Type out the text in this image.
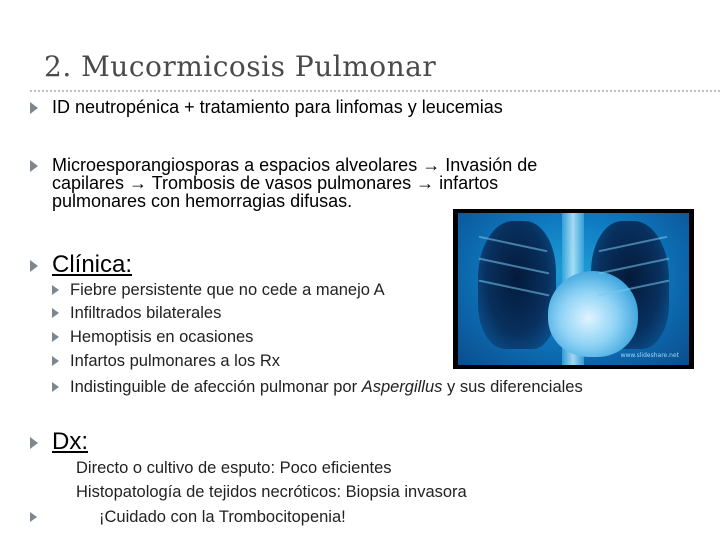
2. Mucormicosis Pulmonar
ID neutropénica + tratamiento para linfomas y leucemias
Microesporangiosporas a espacios alveolares → Invasión de
capilares → Trombosis de vasos pulmonares → infartos
pulmonares con hemorragias difusas.
Clínica:
Fiebre persistente que no cede a manejo A
Infiltrados bilaterales
Hemoptisis en ocasiones
Infartos pulmonares a los Rx
Indistinguible de afección pulmonar por Aspergillus y sus diferenciales
Dx:
Directo o cultivo de esputo: Poco eficientes
Histopatología de tejidos necróticos: Biopsia invasora
¡Cuidado con la Trombocitopenia!
www.slideshare.net
